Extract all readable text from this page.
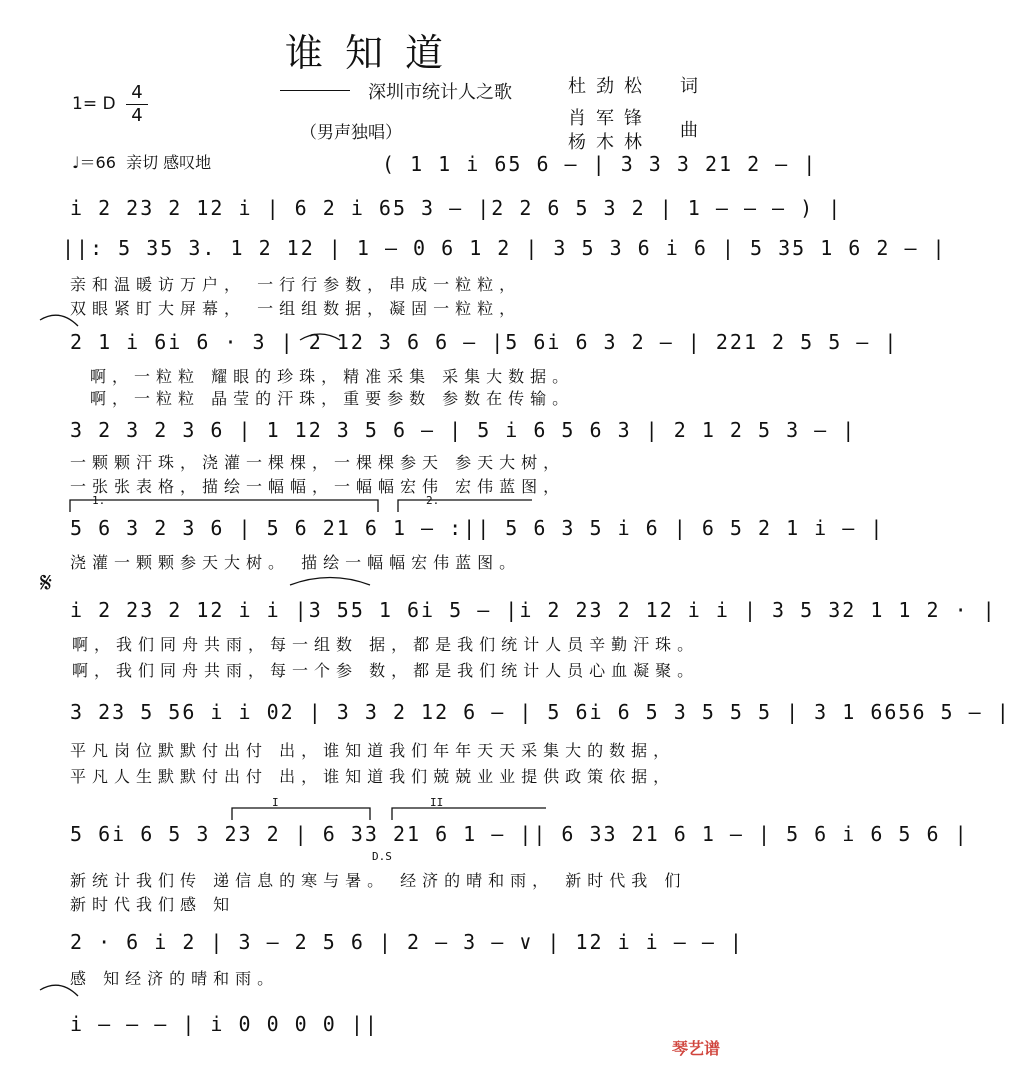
谁知道
深圳市统计人之歌	杜劲松 词
肖军锋
杨木林
曲
1= D
4
4
（男声独唱）
♩＝66 亲切 感叹地	( 1 1 i 65 6 — | 3 3 3 21 2 — |
i 2 23 2 12 i | 6 2 i 65 3 — |2 2 6 5 3 2 | 1 — — — ) |
||: 5 35 3. 1 2 12 | 1 — 0 6 1 2 | 3 5 3 6 i 6 | 5 35 1 6 2 — |
亲和温暖访万户， 一行行参数，串成一粒粒，
双眼紧盯大屏幕， 一组组数据，凝固一粒粒，
2 1 i 6i 6 · 3 | 2 12 3 6 6 — |5 6i 6 3 2 — | 221 2 5 5 — |
啊，一粒粒 耀眼的珍珠，精准采集 采集大数据。
啊，一粒粒 晶莹的汗珠，重要参数 参数在传输。
3 2 3 2 3 6 | 1 12 3 5 6 — | 5 i 6 5 6 3 | 2 1 2 5 3 — |
一颗颗汗珠，浇灌一棵棵，一棵棵参天 参天大树，
一张张表格，描绘一幅幅，一幅幅宏伟 宏伟蓝图，
1.	2.
5 6 3 2 3 6 | 5 6 21 6 1 — :|| 5 6 3 5 i 6 | 6 5 2 1 i — |
浇灌一颗颗参天大树。 描绘一幅幅宏伟蓝图。
𝄋
i 2 23 2 12 i i |3 55 1 6i 5 — |i 2 23 2 12 i i | 3 5 32 1 1 2 · |
啊，我们同舟共雨，每一组数 据，都是我们统计人员辛勤汗珠。
啊，我们同舟共雨，每一个参 数，都是我们统计人员心血凝聚。
3 23 5 56 i i 02 | 3 3 2 12 6 — | 5 6i 6 5 3 5 5 5 | 3 1 6656 5 — |
平凡岗位默默付出付 出，谁知道我们年年天天采集大的数据，
平凡人生默默付出付 出，谁知道我们兢兢业业提供政策依据，
I	II
5 6i 6 5 3 23 2 | 6 33 21 6 1 — || 6 33 21 6 1 — | 5 6 i 6 5 6 |
D.S
新统计我们传 递信息的寒与暑。 经济的晴和雨， 新时代我 们
新时代我们感 知
2 · 6 i 2 | 3 — 2 5 6 | 2 — 3 — ∨ | 12 i i — — |
感 知经济的晴和雨。
i — — — | i 0 0 0 0 ||
琴艺谱
